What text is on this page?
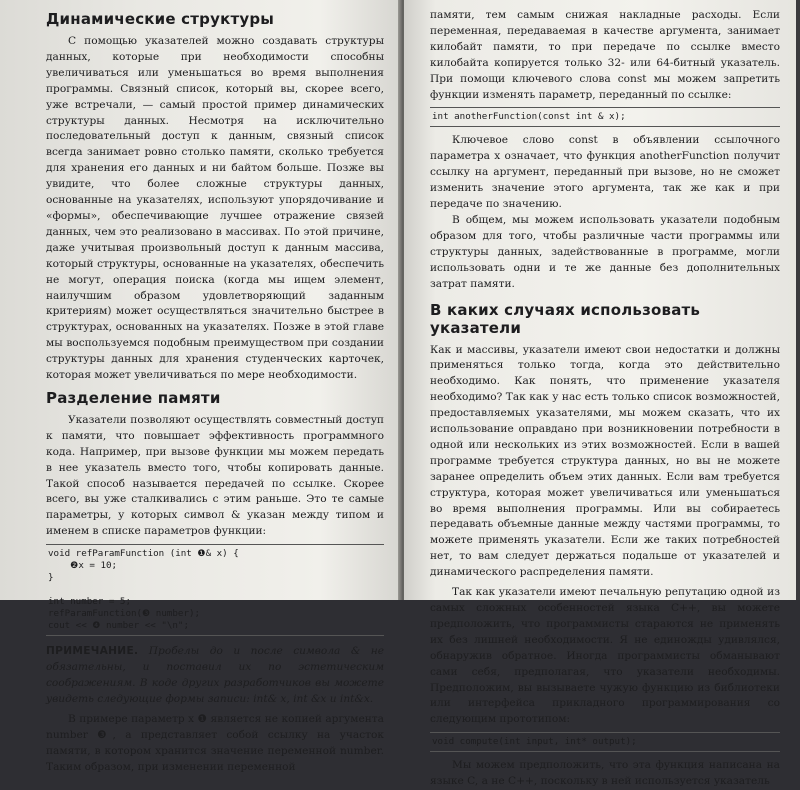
Динамические структуры

С помощью указателей можно создавать структуры данных, которые при необходимости способны увеличиваться или уменьшаться во время выполнения программы. Связный список, который вы, скорее всего, уже встречали, — самый простой пример динамических структуры данных. Несмотря на исключительно последовательный доступ к данным, связный список всегда занимает ровно столько памяти, сколько требуется для хранения его данных и ни байтом больше. Позже вы увидите, что более сложные структуры данных, основанные на указателях, используют упорядочивание и «формы», обеспечивающие лучшее отражение связей данных, чем это реализовано в массивах. По этой причине, даже учитывая произвольный доступ к данным массива, который структуры, основанные на указателях, обеспечить не могут, операция поиска (когда мы ищем элемент, наилучшим образом удовлетворяющий заданным критериям) может осуществляться значительно быстрее в структурах, основанных на указателях. Позже в этой главе мы воспользуемся подобным преимуществом при создании структуры данных для хранения студенческих карточек, которая может увеличиваться по мере необходимости.

Разделение памяти

Указатели позволяют осуществлять совместный доступ к памяти, что повышает эффективность программного кода. Например, при вызове функции мы можем передать в нее указатель вместо того, чтобы копировать данные. Такой способ называется передачей по ссылке. Скорее всего, вы уже сталкивались с этим раньше. Это те самые параметры, у которых символ & указан между типом и именем в списке параметров функции:

void refParamFunction (int ❶& x) {
❷x = 10;
}
int number = 5;
refParamFunction(❸ number);
cout << ❹ number << "\n";

ПРИМЕЧАНИЕ. Пробелы до и после символа & не обязательны, и поставил их по эстетическим соображениям. В коде других разработчиков вы можете увидеть следующие формы записи: int& x, int &x и int&x.

В примере параметр x ❶ является не копией аргумента number ❸, а представляет собой ссылку на участок памяти, в котором хранится значение переменной number. Таким образом, при изменении переменной

памяти, тем самым снижая накладные расходы. Если переменная, передаваемая в качестве аргумента, занимает килобайт памяти, то при передаче по ссылке вместо килобайта копируется только 32- или 64-битный указатель. При помощи ключевого слова const мы можем запретить функции изменять параметр, переданный по ссылке:

int anotherFunction(const int & x);

Ключевое слово const в объявлении ссылочного параметра x означает, что функция anotherFunction получит ссылку на аргумент, переданный при вызове, но не сможет изменить значение этого аргумента, так же как и при передаче по значению.

В общем, мы можем использовать указатели подобным образом для того, чтобы различные части программы или структуры данных, задействованные в программе, могли использовать одни и те же данные без дополнительных затрат памяти.

В каких случаях использовать указатели

Как и массивы, указатели имеют свои недостатки и должны применяться только тогда, когда это действительно необходимо. Как понять, что применение указателя необходимо? Так как у нас есть только список возможностей, предоставляемых указателями, мы можем сказать, что их использование оправдано при возникновении потребности в одной или нескольких из этих возможностей. Если в вашей программе требуется структура данных, но вы не можете заранее определить объем этих данных. Если вам требуется структура, которая может увеличиваться или уменьшаться во время выполнения программы. Или вы собираетесь передавать объемные данные между частями программы, то можете применять указатели. Если же таких потребностей нет, то вам следует держаться подальше от указателей и динамического распределения памяти.

Так как указатели имеют печальную репутацию одной из самых сложных особенностей языка C++, вы можете предположить, что программисты стараются не применять их без лишней необходимости. Я не единожды удивлялся, обнаружив обратное. Иногда программисты обманывают сами себя, предполагая, что указатели необходимы. Предположим, вы вызываете чужую функцию из библиотеки или интерфейса прикладного программирования со следующим прототипом:

void compute(int input, int* output);

Мы можем предположить, что эта функция написана на языке C, а не C++, поскольку в ней используется указатель
